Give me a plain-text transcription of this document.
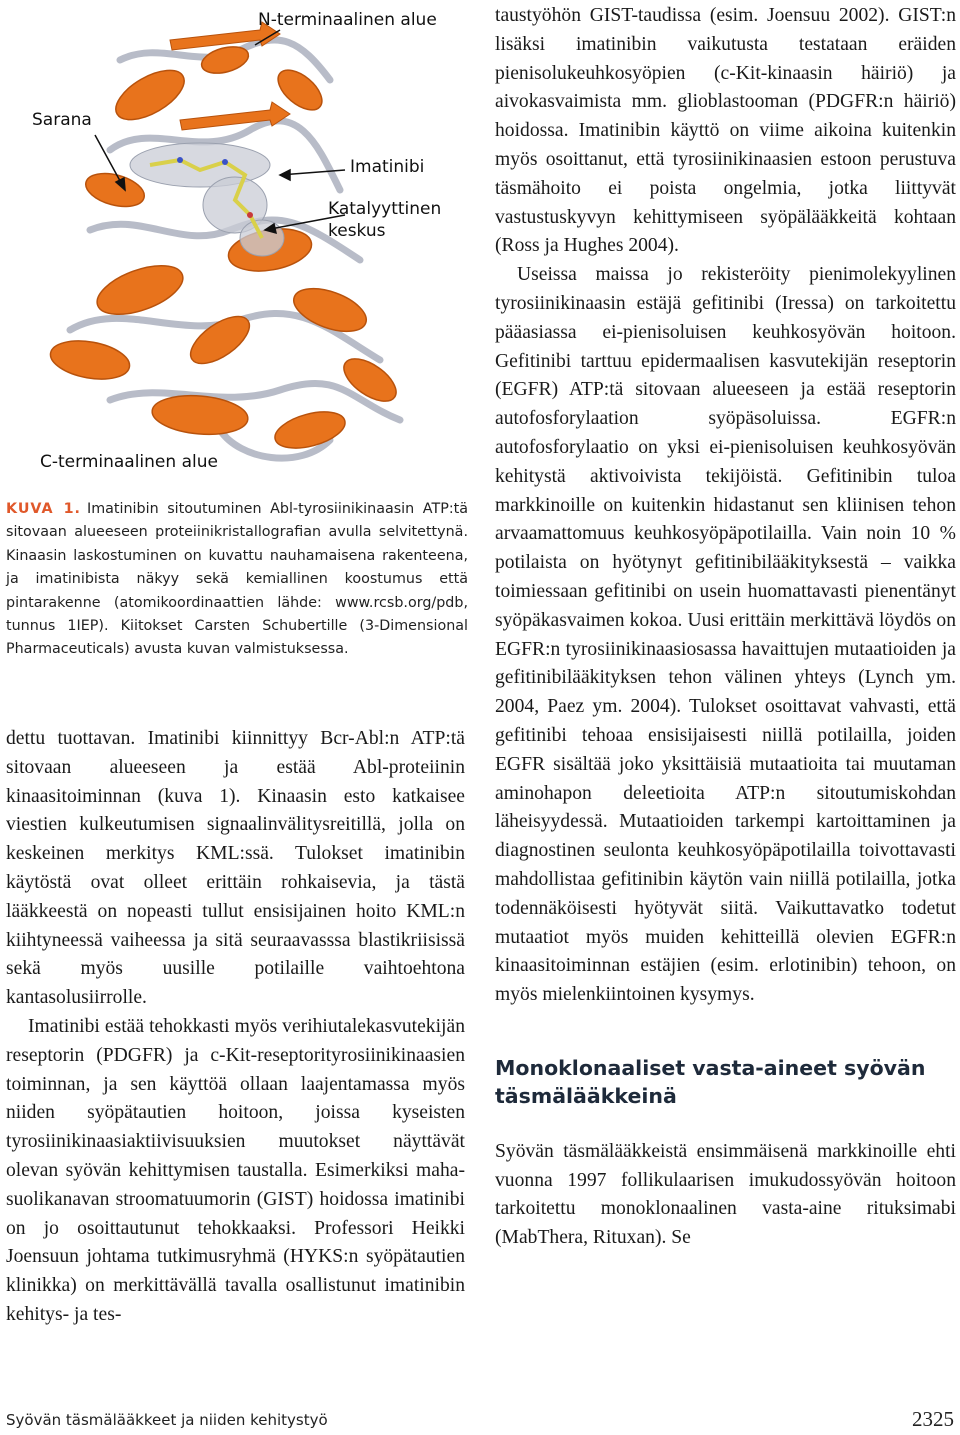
N-terminaalinen alue
Sarana
Imatinibi
Katalyyttinen keskus
C-terminaalinen alue
KUVA 1. Imatinibin sitoutuminen Abl-tyrosiinikinaasin ATP:tä sitovaan alueeseen proteiinikristallografian avulla selvitettynä. Kinaasin laskostuminen on kuvattu nauhamaisena rakenteena, ja imatinibista näkyy sekä kemiallinen koostumus että pintarakenne (atomikoordinaattien lähde: www.rcsb.org/pdb, tunnus 1IEP). Kiitokset Carsten Schubertille (3-Dimensional Pharmaceuticals) avusta kuvan valmistuksessa.

dettu tuottavan. Imatinibi kiinnittyy Bcr-Abl:n ATP:tä sitovaan alueeseen ja estää Abl-proteiinin kinaasitoiminnan (kuva 1). Kinaasin esto katkaisee viestien kulkeutumisen signaalinvälitysreitillä, jolla on keskeinen merkitys KML:ssä. Tulokset imatinibin käytöstä ovat olleet erittäin rohkaisevia, ja tästä lääkkeestä on nopeasti tullut ensisijainen hoito KML:n kiihtyneessä vaiheessa ja sitä seuraavasssa blastikriisissä sekä myös uusille potilaille vaihtoehtona kantasolusiirrolle.

Imatinibi estää tehokkasti myös verihiutalekasvutekijän reseptorin (PDGFR) ja c-Kit-reseptorityrosiinikinaasien toiminnan, ja sen käyttöä ollaan laajentamassa myös niiden syöpätautien hoitoon, joissa kyseisten tyrosiinikinaasiaktiivisuuksien muutokset näyttävät olevan syövän kehittymisen taustalla. Esimerkiksi maha-suolikanavan stroomatuumorin (GIST) hoidossa imatinibi on jo osoittautunut tehokkaaksi. Professori Heikki Joensuun johtama tutkimusryhmä (HYKS:n syöpätautien klinikka) on merkittävällä tavalla osallistunut imatinibin kehitys- ja tes-

taustyöhön GIST-taudissa (esim. Joensuu 2002). GIST:n lisäksi imatinibin vaikutusta testataan eräiden pienisolukeuhkosyöpien (c-Kit-kinaasin häiriö) ja aivokasvaimista mm. glioblastooman (PDGFR:n häiriö) hoidossa. Imatinibin käyttö on viime aikoina kuitenkin myös osoittanut, että tyrosiinikinaasien estoon perustuva täsmähoito ei poista ongelmia, jotka liittyvät vastustuskyvyn kehittymiseen syöpälääkkeitä kohtaan (Ross ja Hughes 2004).

Useissa maissa jo rekisteröity pienimolekyylinen tyrosiinikinaasin estäjä gefitinibi (Iressa) on tarkoitettu pääasiassa ei-pienisoluisen keuhkosyövän hoitoon. Gefitinibi tarttuu epidermaalisen kasvutekijän reseptorin (EGFR) ATP:tä sitovaan alueeseen ja estää reseptorin autofosforylaation syöpäsoluissa. EGFR:n autofosforylaatio on yksi ei-pienisoluisen keuhkosyövän kehitystä aktivoivista tekijöistä. Gefitinibin tuloa markkinoille on kuitenkin hidastanut sen kliinisen tehon arvaamattomuus keuhkosyöpäpotilailla. Vain noin 10 % potilaista on hyötynyt gefitinibilääkityksestä – vaikka toimiessaan gefitinibi on usein huomattavasti pienentänyt syöpäkasvaimen kokoa. Uusi erittäin merkittävä löydös on EGFR:n tyrosiinikinaasiosassa havaittujen mutaatioiden ja gefitinibilääkityksen tehon välinen yhteys (Lynch ym. 2004, Paez ym. 2004). Tulokset osoittavat vahvasti, että gefitinibi tehoaa ensisijaisesti niillä potilailla, joiden EGFR sisältää joko yksittäisiä mutaatioita tai muutaman aminohapon deleetioita ATP:n sitoutumiskohdan läheisyydessä. Mutaatioiden tarkempi kartoittaminen ja diagnostinen seulonta keuhkosyöpäpotilailla toivottavasti mahdollistaa gefitinibin käytön vain niillä potilailla, jotka todennäköisesti hyötyvät siitä. Vaikuttavatko todetut mutaatiot myös muiden kehitteillä olevien EGFR:n kinaasitoiminnan estäjien (esim. erlotinibin) tehoon, on myös mielenkiintoinen kysymys.

Monoklonaaliset vasta-aineet syövän täsmälääkkeinä

Syövän täsmälääkkeistä ensimmäisenä markkinoille ehti vuonna 1997 follikulaarisen imukudossyövän hoitoon tarkoitettu monoklonaalinen vasta-aine rituksimabi (MabThera, Rituxan). Se

Syövän täsmälääkkeet ja niiden kehitystyö	2325
